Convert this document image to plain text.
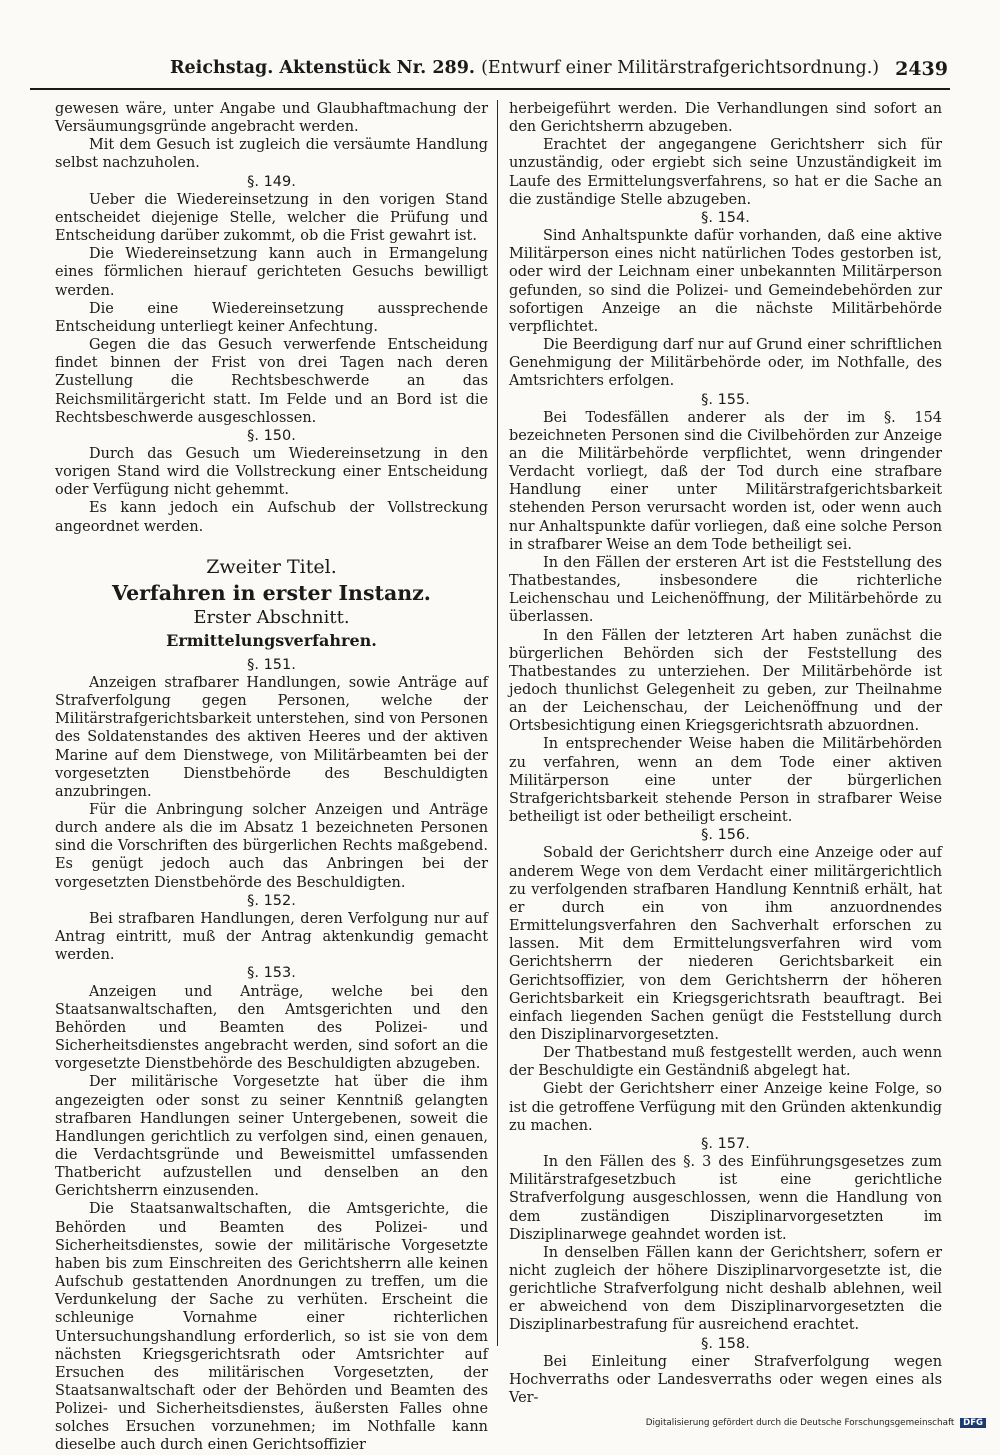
Reichstag. Aktenstück Nr. 289. (Entwurf einer Militärstrafgerichtsordnung.) 2439

gewesen wäre, unter Angabe und Glaubhaftmachung der Versäumungsgründe angebracht werden.

Mit dem Gesuch ist zugleich die versäumte Handlung selbst nachzuholen.

§. 149.

Ueber die Wiedereinsetzung in den vorigen Stand entscheidet diejenige Stelle, welcher die Prüfung und Entscheidung darüber zukommt, ob die Frist gewahrt ist.

Die Wiedereinsetzung kann auch in Ermangelung eines förmlichen hierauf gerichteten Gesuchs bewilligt werden.

Die eine Wiedereinsetzung aussprechende Entscheidung unterliegt keiner Anfechtung.

Gegen die das Gesuch verwerfende Entscheidung findet binnen der Frist von drei Tagen nach deren Zustellung die Rechtsbeschwerde an das Reichsmilitärgericht statt. Im Felde und an Bord ist die Rechtsbeschwerde ausgeschlossen.

§. 150.

Durch das Gesuch um Wiedereinsetzung in den vorigen Stand wird die Vollstreckung einer Entscheidung oder Verfügung nicht gehemmt.

Es kann jedoch ein Aufschub der Vollstreckung angeordnet werden.

Zweiter Titel.
Verfahren in erster Instanz.
Erster Abschnitt.
Ermittelungsverfahren.
§. 151.

Anzeigen strafbarer Handlungen, sowie Anträge auf Strafverfolgung gegen Personen, welche der Militärstrafgerichtsbarkeit unterstehen, sind von Personen des Soldatenstandes des aktiven Heeres und der aktiven Marine auf dem Dienstwege, von Militärbeamten bei der vorgesetzten Dienstbehörde des Beschuldigten anzubringen.

Für die Anbringung solcher Anzeigen und Anträge durch andere als die im Absatz 1 bezeichneten Personen sind die Vorschriften des bürgerlichen Rechts maßgebend. Es genügt jedoch auch das Anbringen bei der vorgesetzten Dienstbehörde des Beschuldigten.

§. 152.

Bei strafbaren Handlungen, deren Verfolgung nur auf Antrag eintritt, muß der Antrag aktenkundig gemacht werden.

§. 153.

Anzeigen und Anträge, welche bei den Staatsanwaltschaften, den Amtsgerichten und den Behörden und Beamten des Polizei- und Sicherheitsdienstes angebracht werden, sind sofort an die vorgesetzte Dienstbehörde des Beschuldigten abzugeben.

Der militärische Vorgesetzte hat über die ihm angezeigten oder sonst zu seiner Kenntniß gelangten strafbaren Handlungen seiner Untergebenen, soweit die Handlungen gerichtlich zu verfolgen sind, einen genauen, die Verdachtsgründe und Beweismittel umfassenden Thatbericht aufzustellen und denselben an den Gerichtsherrn einzusenden.

Die Staatsanwaltschaften, die Amtsgerichte, die Behörden und Beamten des Polizei- und Sicherheitsdienstes, sowie der militärische Vorgesetzte haben bis zum Einschreiten des Gerichtsherrn alle keinen Aufschub gestattenden Anordnungen zu treffen, um die Verdunkelung der Sache zu verhüten. Erscheint die schleunige Vornahme einer richterlichen Untersuchungshandlung erforderlich, so ist sie von dem nächsten Kriegsgerichtsrath oder Amtsrichter auf Ersuchen des militärischen Vorgesetzten, der Staatsanwaltschaft oder der Behörden und Beamten des Polizei- und Sicherheitsdienstes, äußersten Falles ohne solches Ersuchen vorzunehmen; im Nothfalle kann dieselbe auch durch einen Gerichtsoffizier

herbeigeführt werden. Die Verhandlungen sind sofort an den Gerichtsherrn abzugeben.

Erachtet der angegangene Gerichtsherr sich für unzuständig, oder ergiebt sich seine Unzuständigkeit im Laufe des Ermittelungsverfahrens, so hat er die Sache an die zuständige Stelle abzugeben.

§. 154.

Sind Anhaltspunkte dafür vorhanden, daß eine aktive Militärperson eines nicht natürlichen Todes gestorben ist, oder wird der Leichnam einer unbekannten Militärperson gefunden, so sind die Polizei- und Gemeindebehörden zur sofortigen Anzeige an die nächste Militärbehörde verpflichtet.

Die Beerdigung darf nur auf Grund einer schriftlichen Genehmigung der Militärbehörde oder, im Nothfalle, des Amtsrichters erfolgen.

§. 155.

Bei Todesfällen anderer als der im §. 154 bezeichneten Personen sind die Civilbehörden zur Anzeige an die Militärbehörde verpflichtet, wenn dringender Verdacht vorliegt, daß der Tod durch eine strafbare Handlung einer unter Militärstrafgerichtsbarkeit stehenden Person verursacht worden ist, oder wenn auch nur Anhaltspunkte dafür vorliegen, daß eine solche Person in strafbarer Weise an dem Tode betheiligt sei.

In den Fällen der ersteren Art ist die Feststellung des Thatbestandes, insbesondere die richterliche Leichenschau und Leichenöffnung, der Militärbehörde zu überlassen.

In den Fällen der letzteren Art haben zunächst die bürgerlichen Behörden sich der Feststellung des Thatbestandes zu unterziehen. Der Militärbehörde ist jedoch thunlichst Gelegenheit zu geben, zur Theilnahme an der Leichenschau, der Leichenöffnung und der Ortsbesichtigung einen Kriegsgerichtsrath abzuordnen.

In entsprechender Weise haben die Militärbehörden zu verfahren, wenn an dem Tode einer aktiven Militärperson eine unter der bürgerlichen Strafgerichtsbarkeit stehende Person in strafbarer Weise betheiligt ist oder betheiligt erscheint.

§. 156.

Sobald der Gerichtsherr durch eine Anzeige oder auf anderem Wege von dem Verdacht einer militärgerichtlich zu verfolgenden strafbaren Handlung Kenntniß erhält, hat er durch ein von ihm anzuordnendes Ermittelungsverfahren den Sachverhalt erforschen zu lassen. Mit dem Ermittelungsverfahren wird vom Gerichtsherrn der niederen Gerichtsbarkeit ein Gerichtsoffizier, von dem Gerichtsherrn der höheren Gerichtsbarkeit ein Kriegsgerichtsrath beauftragt. Bei einfach liegenden Sachen genügt die Feststellung durch den Disziplinarvorgesetzten.

Der Thatbestand muß festgestellt werden, auch wenn der Beschuldigte ein Geständniß abgelegt hat.

Giebt der Gerichtsherr einer Anzeige keine Folge, so ist die getroffene Verfügung mit den Gründen aktenkundig zu machen.

§. 157.

In den Fällen des §. 3 des Einführungsgesetzes zum Militärstrafgesetzbuch ist eine gerichtliche Strafverfolgung ausgeschlossen, wenn die Handlung von dem zuständigen Disziplinarvorgesetzten im Disziplinarwege geahndet worden ist.

In denselben Fällen kann der Gerichtsherr, sofern er nicht zugleich der höhere Disziplinarvorgesetzte ist, die gerichtliche Strafverfolgung nicht deshalb ablehnen, weil er abweichend von dem Disziplinarvorgesetzten die Disziplinarbestrafung für ausreichend erachtet.

§. 158.

Bei Einleitung einer Strafverfolgung wegen Hochverraths oder Landesverraths oder wegen eines als Ver-

Digitalisierung gefördert durch die Deutsche Forschungsgemeinschaft DFG
